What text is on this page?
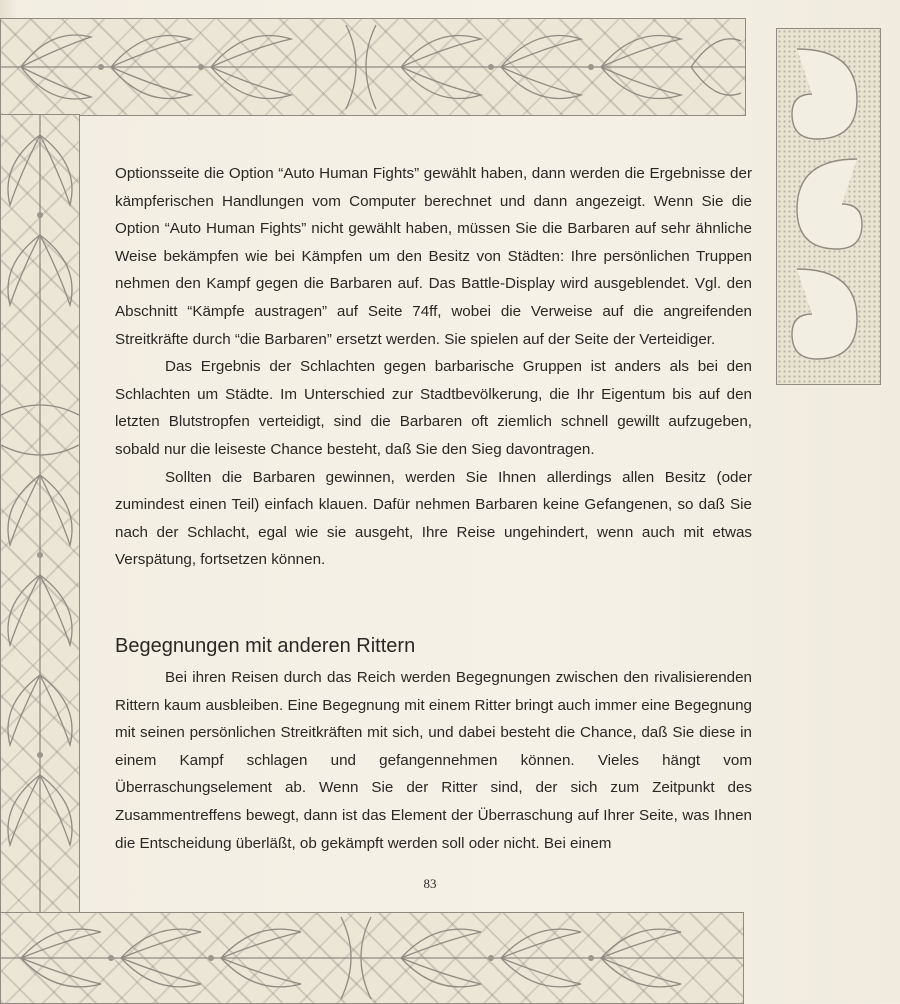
Optionsseite die Option “Auto Human Fights” gewählt haben, dann werden die Ergebnisse der kämpferischen Handlungen vom Computer berechnet und dann angezeigt. Wenn Sie die Option “Auto Human Fights” nicht gewählt haben, müssen Sie die Barbaren auf sehr ähnliche Weise bekämpfen wie bei Kämpfen um den Besitz von Städten: Ihre persönlichen Truppen nehmen den Kampf gegen die Barbaren auf. Das Battle-Display wird ausgeblendet. Vgl. den Abschnitt “Kämpfe austragen” auf Seite 74ff, wobei die Verweise auf die angreifenden Streitkräfte durch “die Barbaren” ersetzt werden. Sie spielen auf der Seite der Verteidiger.

Das Ergebnis der Schlachten gegen barbarische Gruppen ist anders als bei den Schlachten um Städte. Im Unterschied zur Stadtbevölkerung, die Ihr Eigentum bis auf den letzten Blutstropfen verteidigt, sind die Barbaren oft ziemlich schnell gewillt aufzugeben, sobald nur die leiseste Chance besteht, daß Sie den Sieg davontragen.

Sollten die Barbaren gewinnen, werden Sie Ihnen allerdings allen Besitz (oder zumindest einen Teil) einfach klauen. Dafür nehmen Barbaren keine Gefangenen, so daß Sie nach der Schlacht, egal wie sie ausgeht, Ihre Reise ungehindert, wenn auch mit etwas Verspätung, fortsetzen können.

Begegnungen mit anderen Rittern

Bei ihren Reisen durch das Reich werden Begegnungen zwischen den rivalisierenden Rittern kaum ausbleiben. Eine Begegnung mit einem Ritter bringt auch immer eine Begegnung mit seinen persönlichen Streitkräften mit sich, und dabei besteht die Chance, daß Sie diese in einem Kampf schlagen und gefangennehmen können. Vieles hängt vom Überraschungselement ab. Wenn Sie der Ritter sind, der sich zum Zeitpunkt des Zusammentreffens bewegt, dann ist das Element der Überraschung auf Ihrer Seite, was Ihnen die Entscheidung überläßt, ob gekämpft werden soll oder nicht. Bei einem

83
